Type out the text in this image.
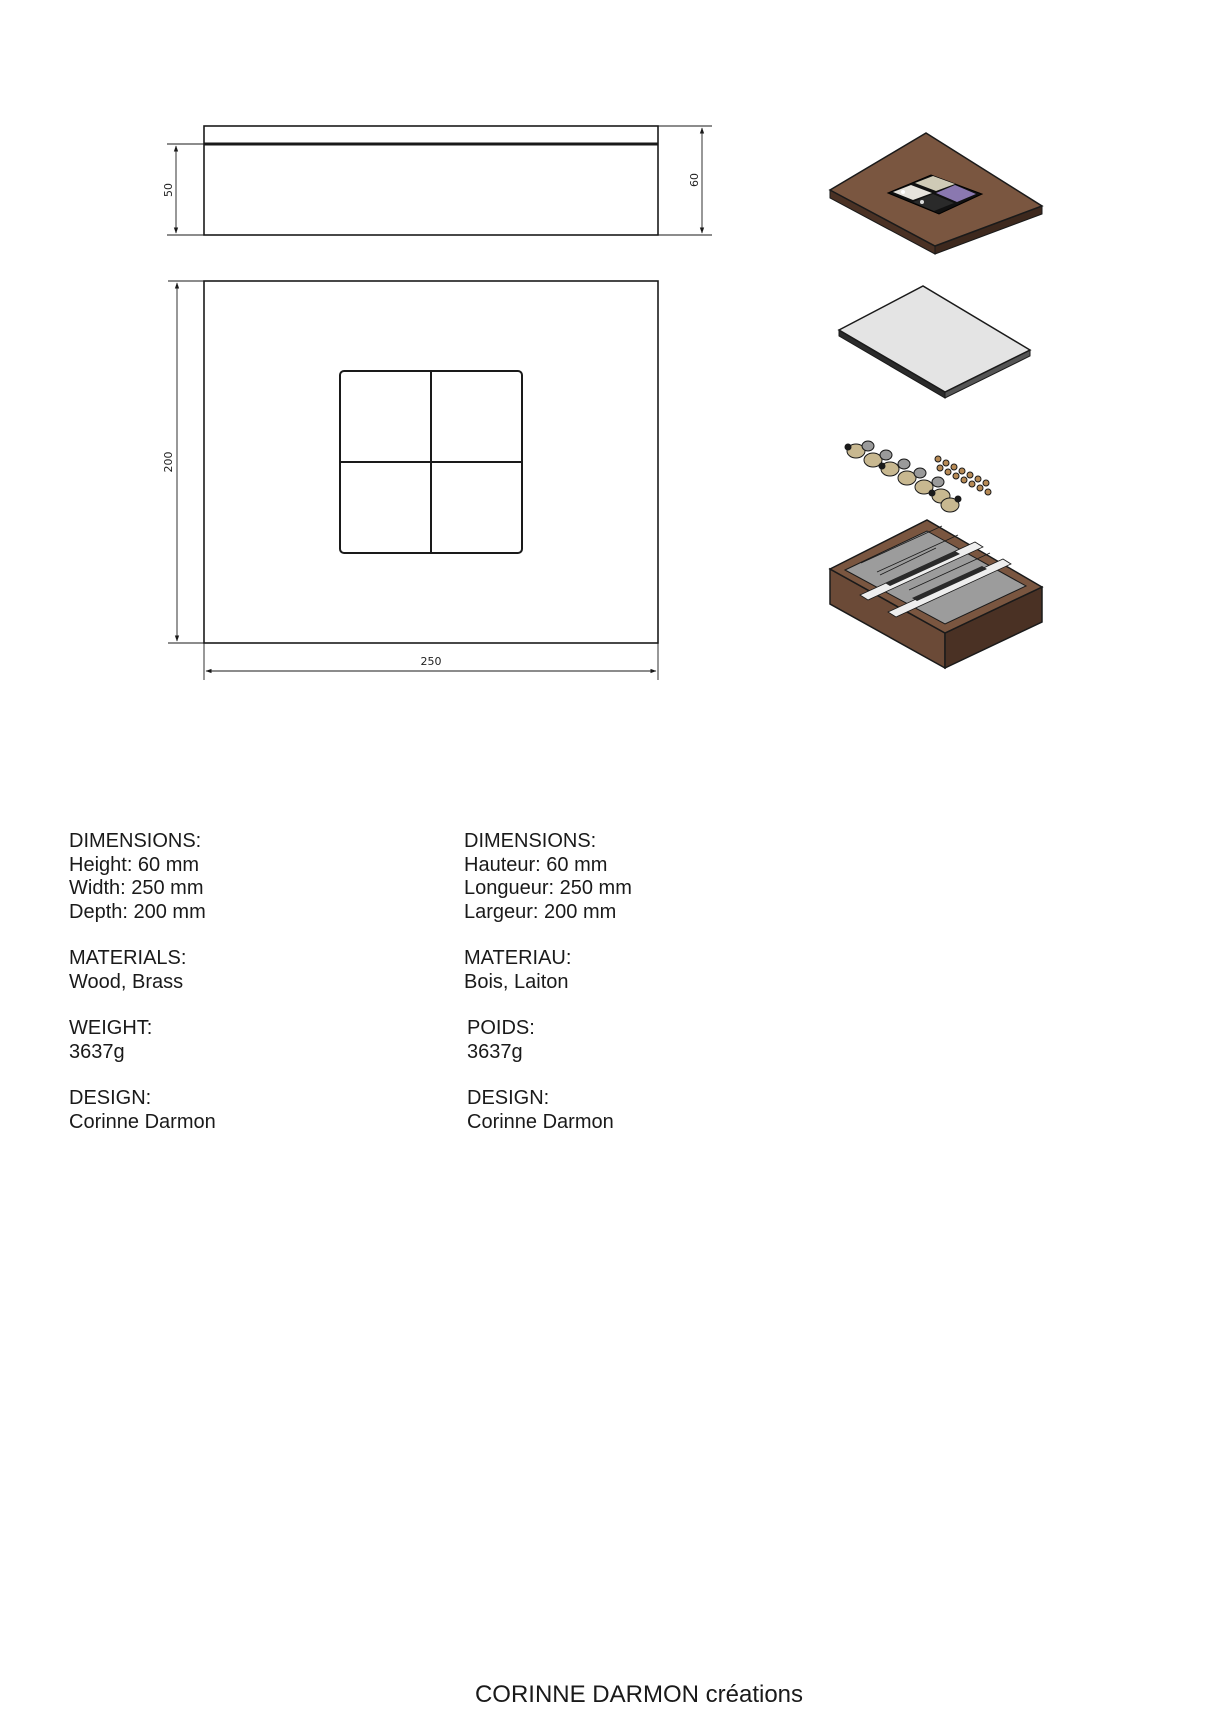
50
60
200
250
DIMENSIONS:
Height: 60 mm
Width: 250 mm
Depth: 200 mm
MATERIALS:
Wood, Brass
WEIGHT:
3637g
DESIGN:
Corinne Darmon
DIMENSIONS:
Hauteur: 60 mm
Longueur: 250 mm
Largeur: 200 mm
MATERIAU:
Bois, Laiton
POIDS:
3637g
DESIGN:
Corinne Darmon
CORINNE DARMON créations
